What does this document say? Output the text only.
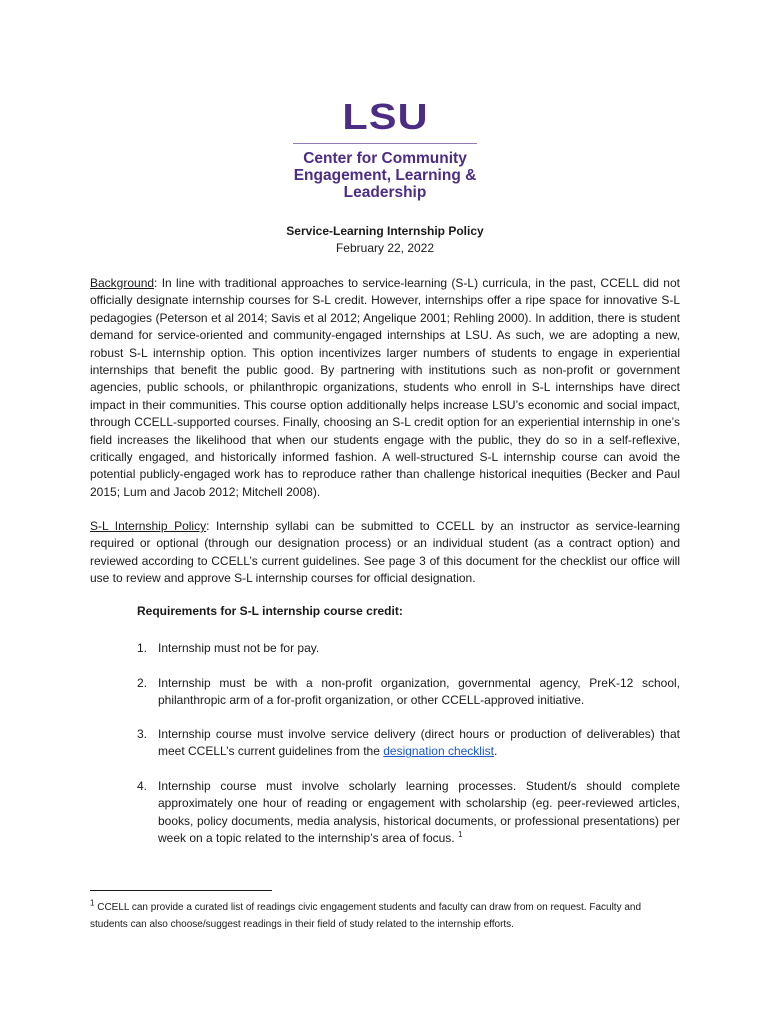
LSU
Center for Community
Engagement, Learning &
Leadership
Service-Learning Internship Policy
February 22, 2022
Background: In line with traditional approaches to service-learning (S-L) curricula, in the past, CCELL did not officially designate internship courses for S-L credit. However, internships offer a ripe space for innovative S-L pedagogies (Peterson et al 2014; Savis et al 2012; Angelique 2001; Rehling 2000). In addition, there is student demand for service-oriented and community-engaged internships at LSU. As such, we are adopting a new, robust S-L internship option. This option incentivizes larger numbers of students to engage in experiential internships that benefit the public good. By partnering with institutions such as non-profit or government agencies, public schools, or philanthropic organizations, students who enroll in S-L internships have direct impact in their communities. This course option additionally helps increase LSU’s economic and social impact, through CCELL-supported courses. Finally, choosing an S-L credit option for an experiential internship in one’s field increases the likelihood that when our students engage with the public, they do so in a self-reflexive, critically engaged, and historically informed fashion. A well-structured S-L internship course can avoid the potential publicly-engaged work has to reproduce rather than challenge historical inequities (Becker and Paul 2015; Lum and Jacob 2012; Mitchell 2008).
S-L Internship Policy: Internship syllabi can be submitted to CCELL by an instructor as service-learning required or optional (through our designation process) or an individual student (as a contract option) and reviewed according to CCELL’s current guidelines. See page 3 of this document for the checklist our office will use to review and approve S-L internship courses for official designation.
Requirements for S-L internship course credit:
1. Internship must not be for pay.
2. Internship must be with a non-profit organization, governmental agency, PreK-12 school, philanthropic arm of a for-profit organization, or other CCELL-approved initiative.
3. Internship course must involve service delivery (direct hours or production of deliverables) that meet CCELL’s current guidelines from the designation checklist.
4. Internship course must involve scholarly learning processes. Student/s should complete approximately one hour of reading or engagement with scholarship (eg. peer-reviewed articles, books, policy documents, media analysis, historical documents, or professional presentations) per week on a topic related to the internship’s area of focus. $^1$
$^1$ CCELL can provide a curated list of readings civic engagement students and faculty can draw from on request. Faculty and students can also choose/suggest readings in their field of study related to the internship efforts.
